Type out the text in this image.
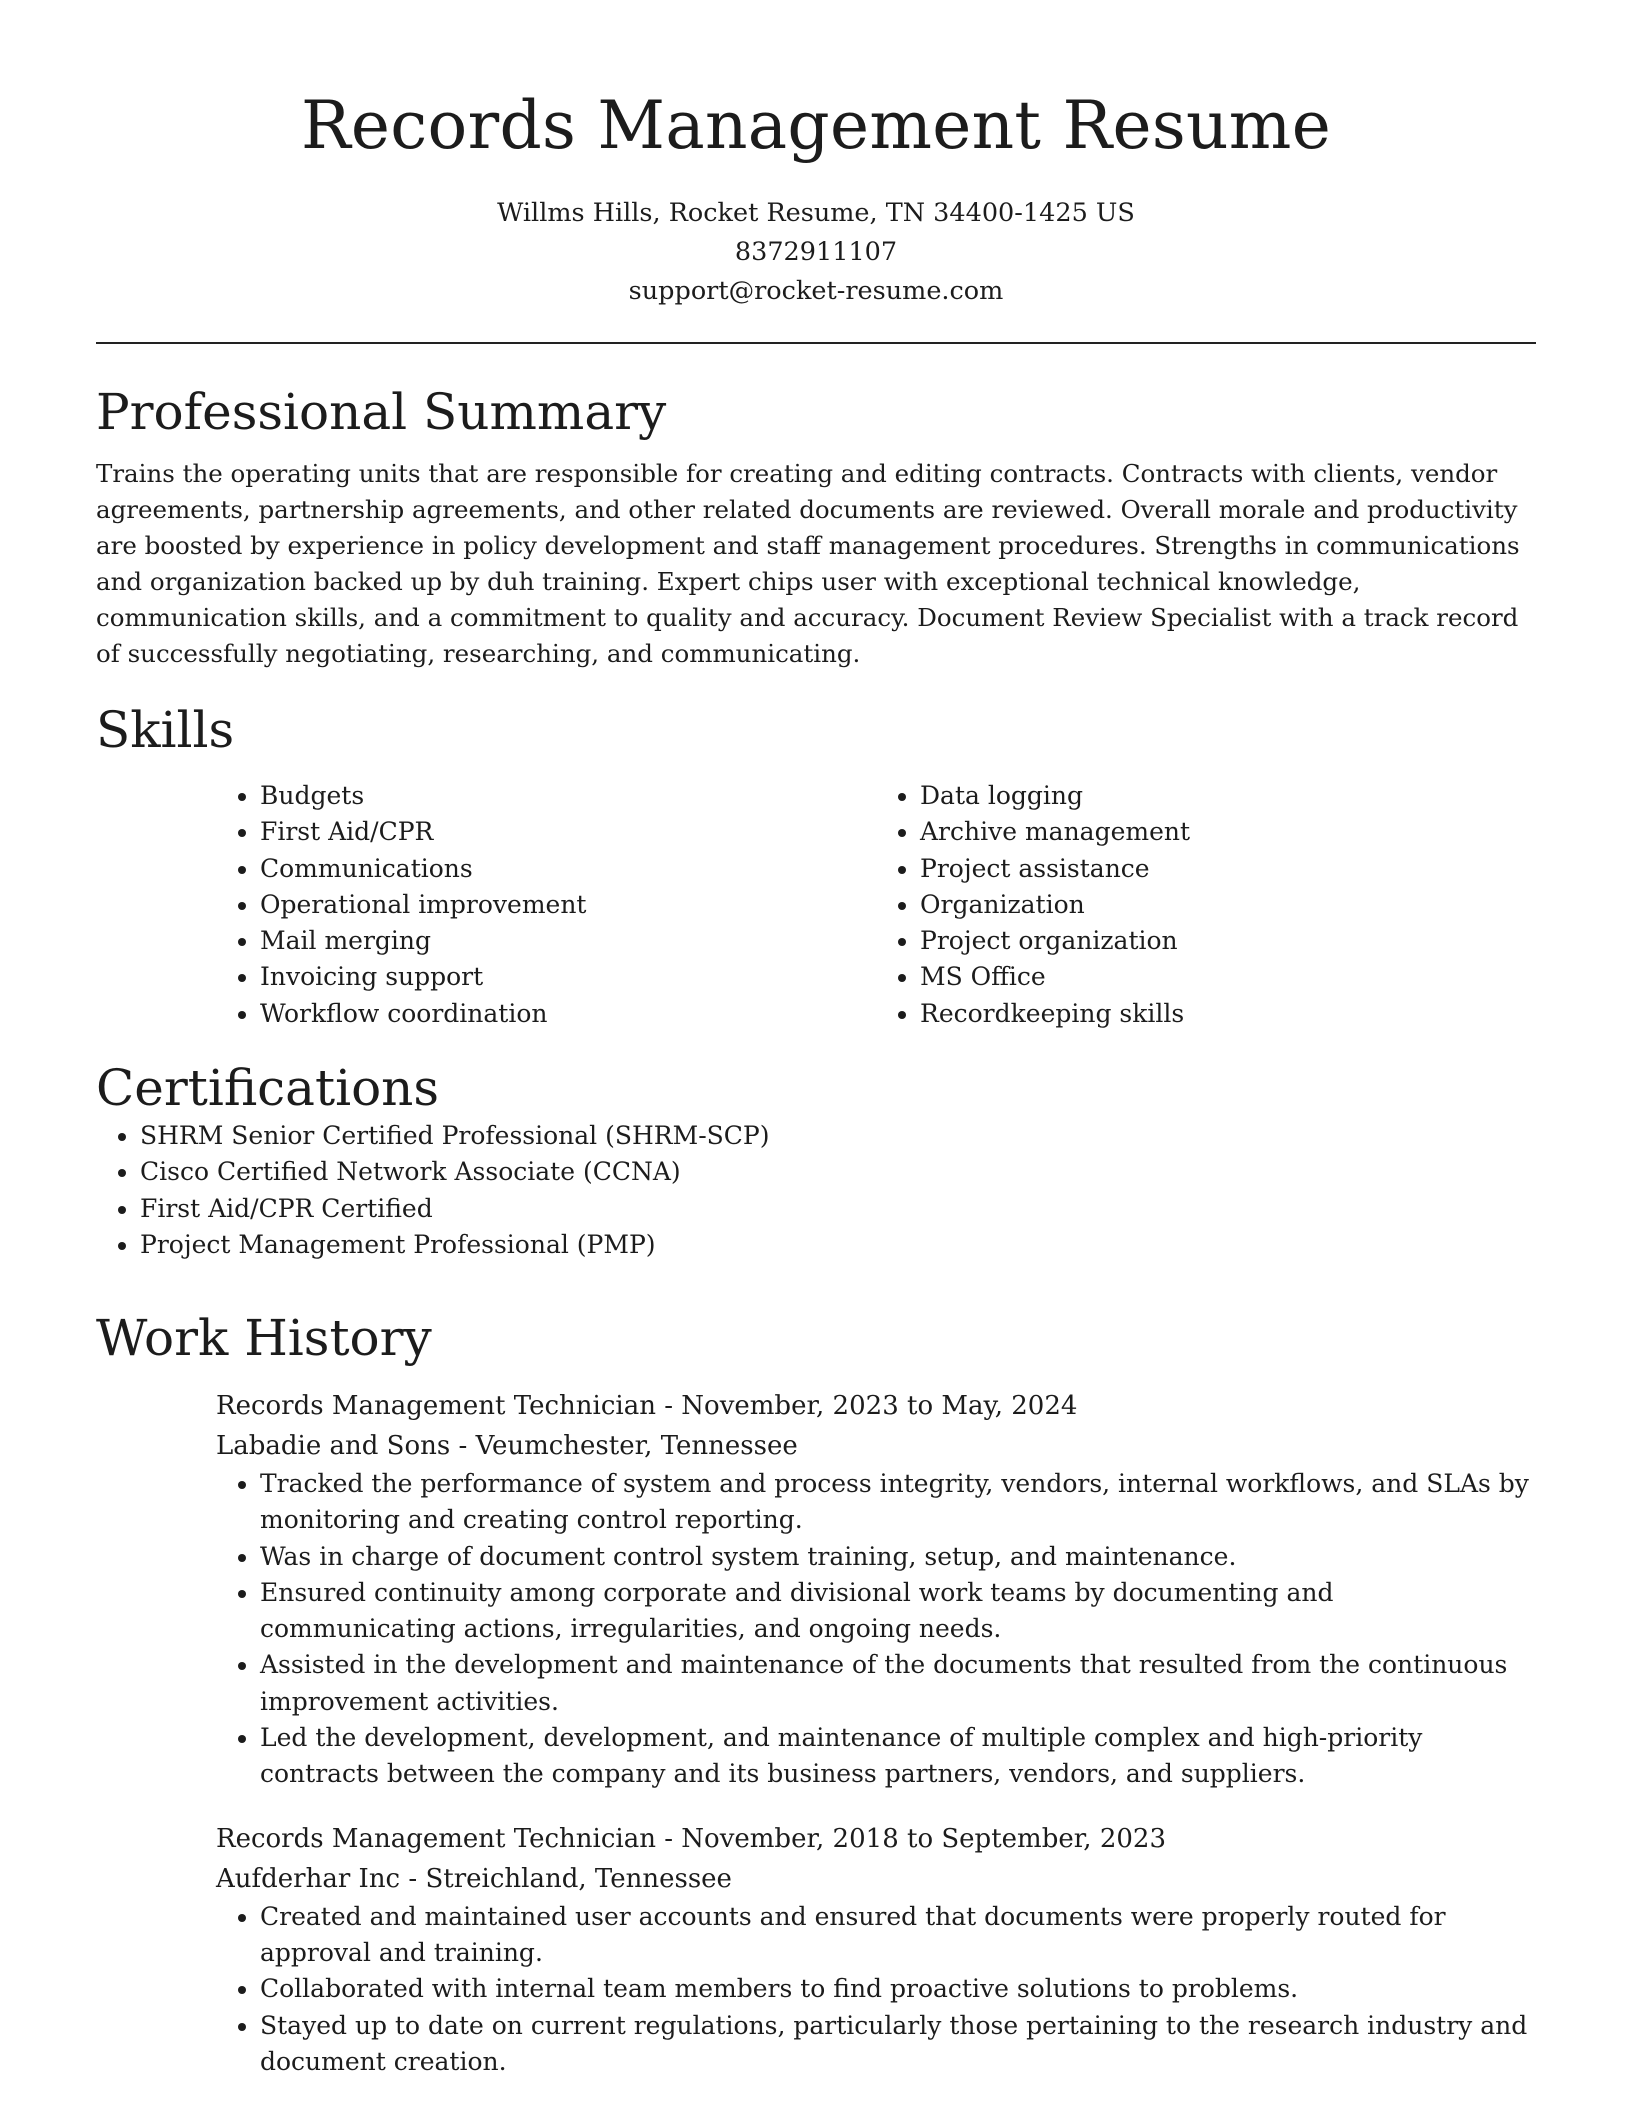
Records Management Resume
Willms Hills, Rocket Resume, TN 34400-1425 US
8372911107
support@rocket-resume.com
Professional Summary

Trains the operating units that are responsible for creating and editing contracts. Contracts with clients, vendor agreements, partnership agreements, and other related documents are reviewed. Overall morale and productivity are boosted by experience in policy development and staff management procedures. Strengths in communications and organization backed up by duh training. Expert chips user with exceptional technical knowledge, communication skills, and a commitment to quality and accuracy. Document Review Specialist with a track record of successfully negotiating, researching, and communicating.

Skills
• Budgets
• First Aid/CPR
• Communications
• Operational improvement
• Mail merging
• Invoicing support
• Workflow coordination
• Data logging
• Archive management
• Project assistance
• Organization
• Project organization
• MS Office
• Recordkeeping skills
Certifications
• SHRM Senior Certified Professional (SHRM-SCP)
• Cisco Certified Network Associate (CCNA)
• First Aid/CPR Certified
• Project Management Professional (PMP)
Work History
Records Management Technician - November, 2023 to May, 2024
Labadie and Sons - Veumchester, Tennessee
• Tracked the performance of system and process integrity, vendors, internal workflows, and SLAs by monitoring and creating control reporting.
• Was in charge of document control system training, setup, and maintenance.
• Ensured continuity among corporate and divisional work teams by documenting and communicating actions, irregularities, and ongoing needs.
• Assisted in the development and maintenance of the documents that resulted from the continuous improvement activities.
• Led the development, development, and maintenance of multiple complex and high-priority contracts between the company and its business partners, vendors, and suppliers.
Records Management Technician - November, 2018 to September, 2023
Aufderhar Inc - Streichland, Tennessee
• Created and maintained user accounts and ensured that documents were properly routed for approval and training.
• Collaborated with internal team members to find proactive solutions to problems.
• Stayed up to date on current regulations, particularly those pertaining to the research industry and document creation.
